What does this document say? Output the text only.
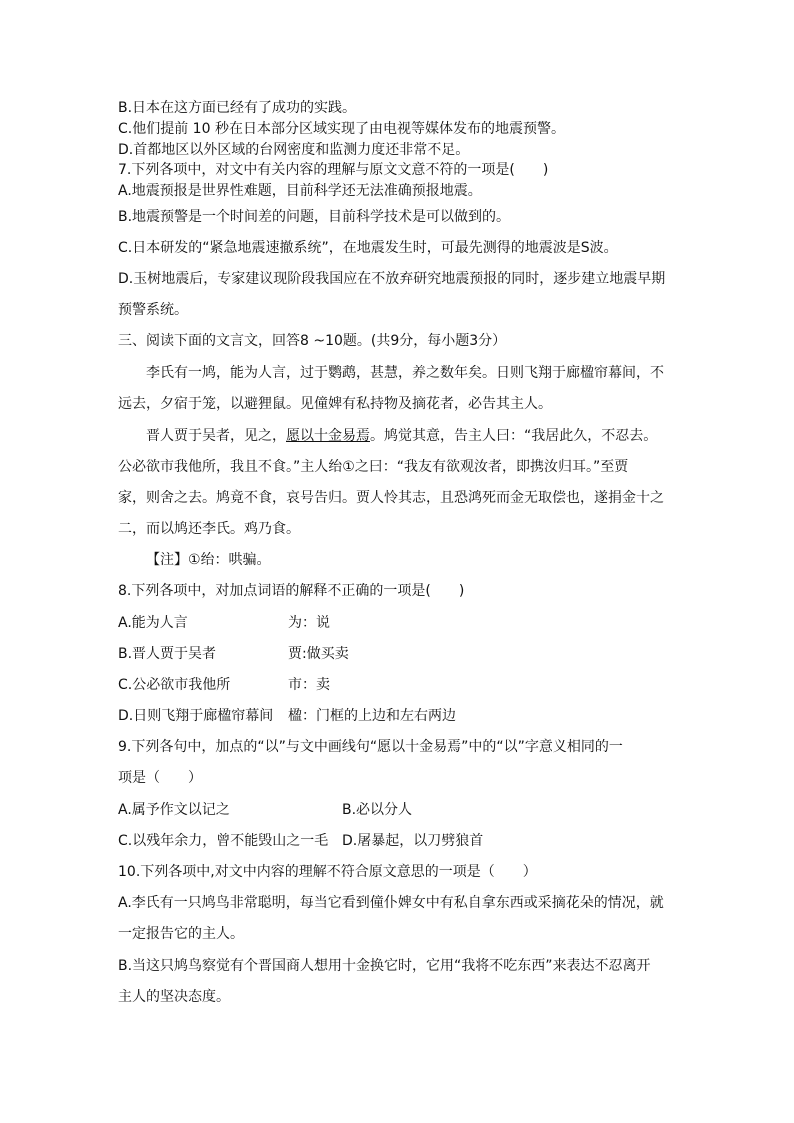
B.日本在这方面已经有了成功的实践。
C.他们提前 10 秒在日本部分区域实现了由电视等媒体发布的地震预警。
D.首都地区以外区域的台网密度和监测力度还非常不足。
7.下列各项中，对文中有关内容的理解与原文文意不符的一项是(　　)
A.地震预报是世界性难题，目前科学还无法准确预报地震。
B.地震预警是一个时间差的问题，目前科学技术是可以做到的。
C.日本研发的“紧急地震速撤系统”，在地震发生时，可最先测得的地震波是S波。
D.玉树地震后，专家建议现阶段我国应在不放弃研究地震预报的同时，逐步建立地震早期
预警系统。
三、阅读下面的文言文，回答8 ~10题。(共9分，每小题3分）
李氏有一鸠，能为人言，过于鹦鹉，甚慧，养之数年矣。日则飞翔于廊楹帘幕间，不
远去，夕宿于笼，以避狸鼠。见僮婢有私持物及摘花者，必告其主人。
晋人贾于吴者，见之，愿以十金易焉。鸠觉其意，告主人曰：“我居此久，不忍去。
公必欲市我他所，我且不食。”主人绐①之曰：“我友有欲观汝者，即携汝归耳。”至贾
家，则舍之去。鸠竟不食，哀号告归。贾人怜其志，且恐鸿死而金无取偿也，遂捐金十之
二，而以鸠还李氏。鸡乃食。
【注】①绐：哄骗。
8.下列各项中，对加点词语的解释不正确的一项是(　　)
A.能为人言	为：说
B.晋人贾于吴者	贾:做买卖
C.公必欲市我他所	市：卖
D.日则飞翔于廊楹帘幕间 楹：门框的上边和左右两边
9.下列各句中，加点的“以”与文中画线句“愿以十金易焉”中的“以”字意义相同的一
项是（　　）
A.属予作文以记之	B.必以分人
C.以残年余力，曾不能毁山之一毛 D.屠暴起，以刀劈狼首
10.下列各项中,对文中内容的理解不符合原文意思的一项是（　　）
A.李氏有一只鸠鸟非常聪明，每当它看到僮仆婢女中有私自拿东西或采摘花朵的情况，就
一定报告它的主人。
B.当这只鸠鸟察觉有个晋国商人想用十金换它时，它用“我将不吃东西”来表达不忍离开
主人的坚决态度。
